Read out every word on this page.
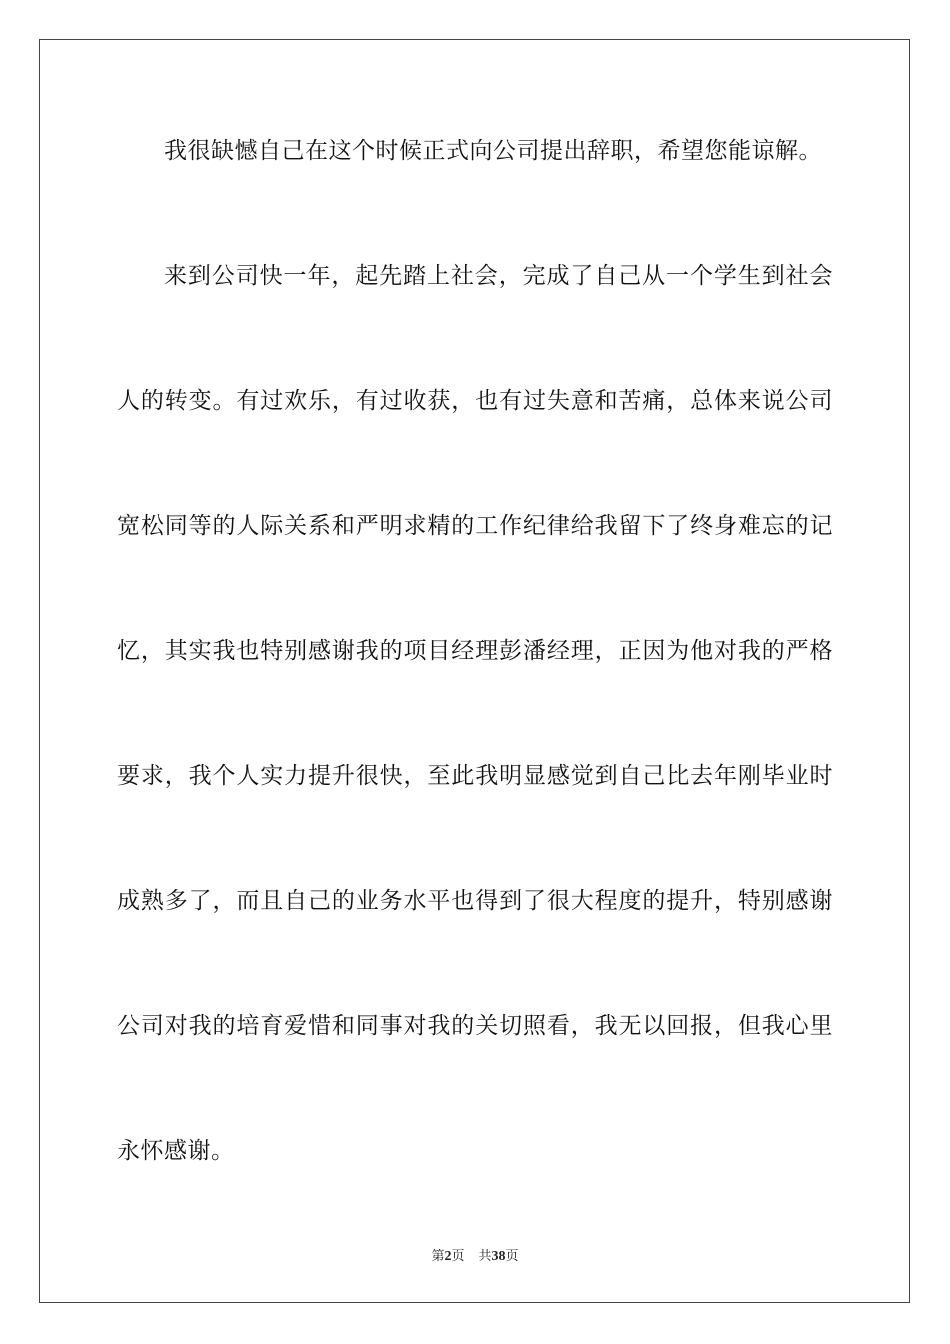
我很缺憾自己在这个时候正式向公司提出辞职，希望您能谅解。
来到公司快一年，起先踏上社会，完成了自己从一个学生到社会
人的转变。有过欢乐，有过收获，也有过失意和苦痛，总体来说公司
宽松同等的人际关系和严明求精的工作纪律给我留下了终身难忘的记
忆，其实我也特别感谢我的项目经理彭潘经理，正因为他对我的严格
要求，我个人实力提升很快，至此我明显感觉到自己比去年刚毕业时
成熟多了，而且自己的业务水平也得到了很大程度的提升，特别感谢
公司对我的培育爱惜和同事对我的关切照看，我无以回报，但我心里
永怀感谢。
第2页 共38页
